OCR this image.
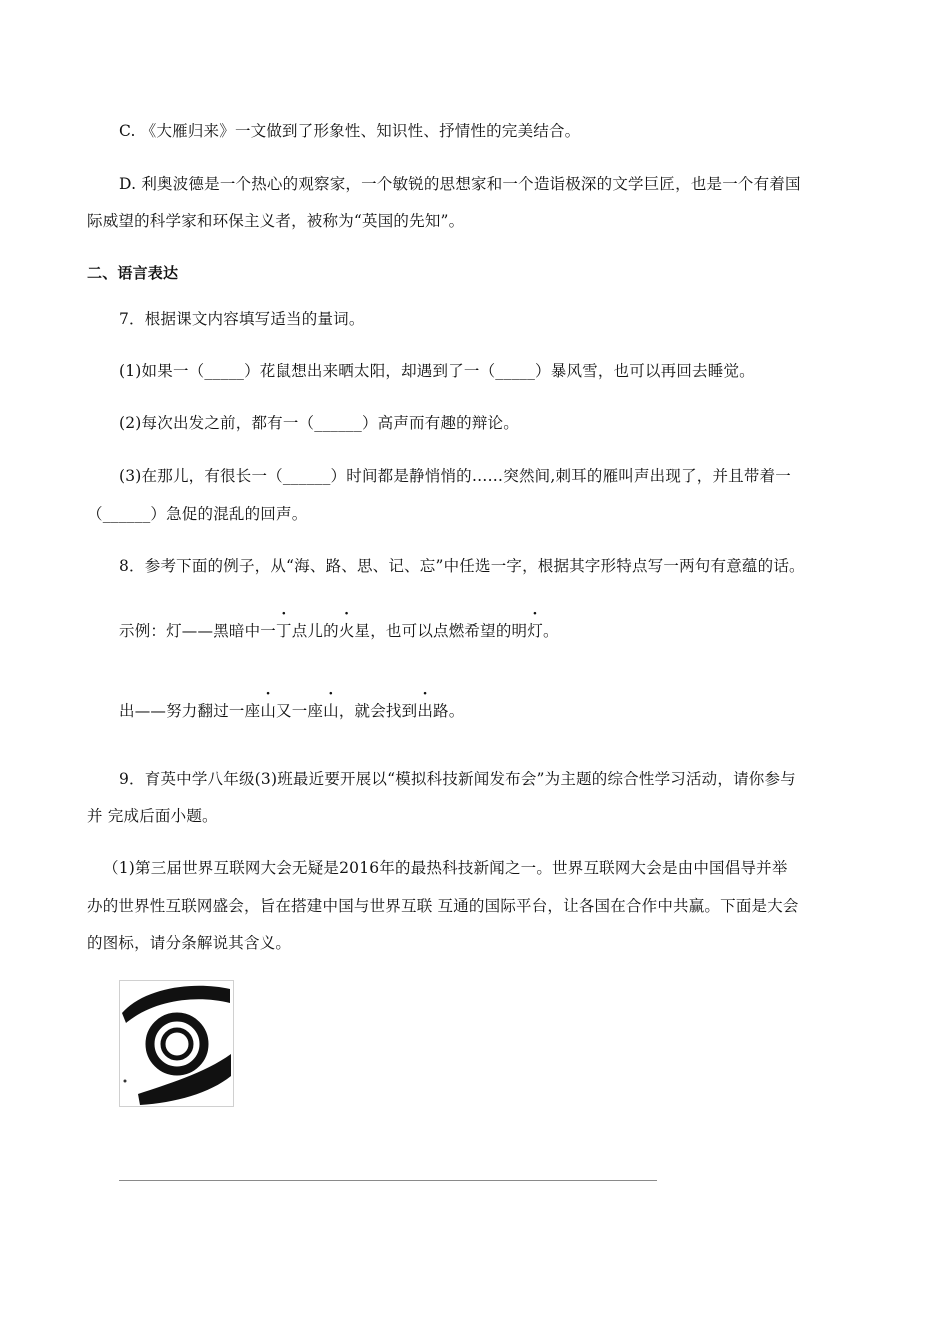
C. 《大雁归来》一文做到了形象性、知识性、抒情性的完美结合。
D. 利奥波德是一个热心的观察家，一个敏锐的思想家和一个造诣极深的文学巨匠，也是一个有着国
际威望的科学家和环保主义者，被称为“英国的先知”。
二、语言表达
7．根据课文内容填写适当的量词。
(1)如果一（_____）花鼠想出来晒太阳，却遇到了一（_____）暴风雪，也可以再回去睡觉。
(2)每次出发之前，都有一（______）高声而有趣的辩论。
(3)在那儿，有很长一（______）时间都是静悄悄的……突然间,刺耳的雁叫声出现了，并且带着一
（______）急促的混乱的回声。
8．参考下面的例子，从“海、路、思、记、忘”中任选一字，根据其字形特点写一两句有意蕴的话。
示例：灯——黑暗中一丁点儿的火星，也可以点燃希望的明灯。
出——努力翻过一座山又一座山，就会找到出路。
9．育英中学八年级(3)班最近要开展以“模拟科技新闻发布会”为主题的综合性学习活动，请你参与
并 完成后面小题。
（1)第三届世界互联网大会无疑是2016年的最热科技新闻之一。世界互联网大会是由中国倡导并举
办的世界性互联网盛会，旨在搭建中国与世界互联 互通的国际平台，让各国在合作中共赢。下面是大会
的图标，请分条解说其含义。
